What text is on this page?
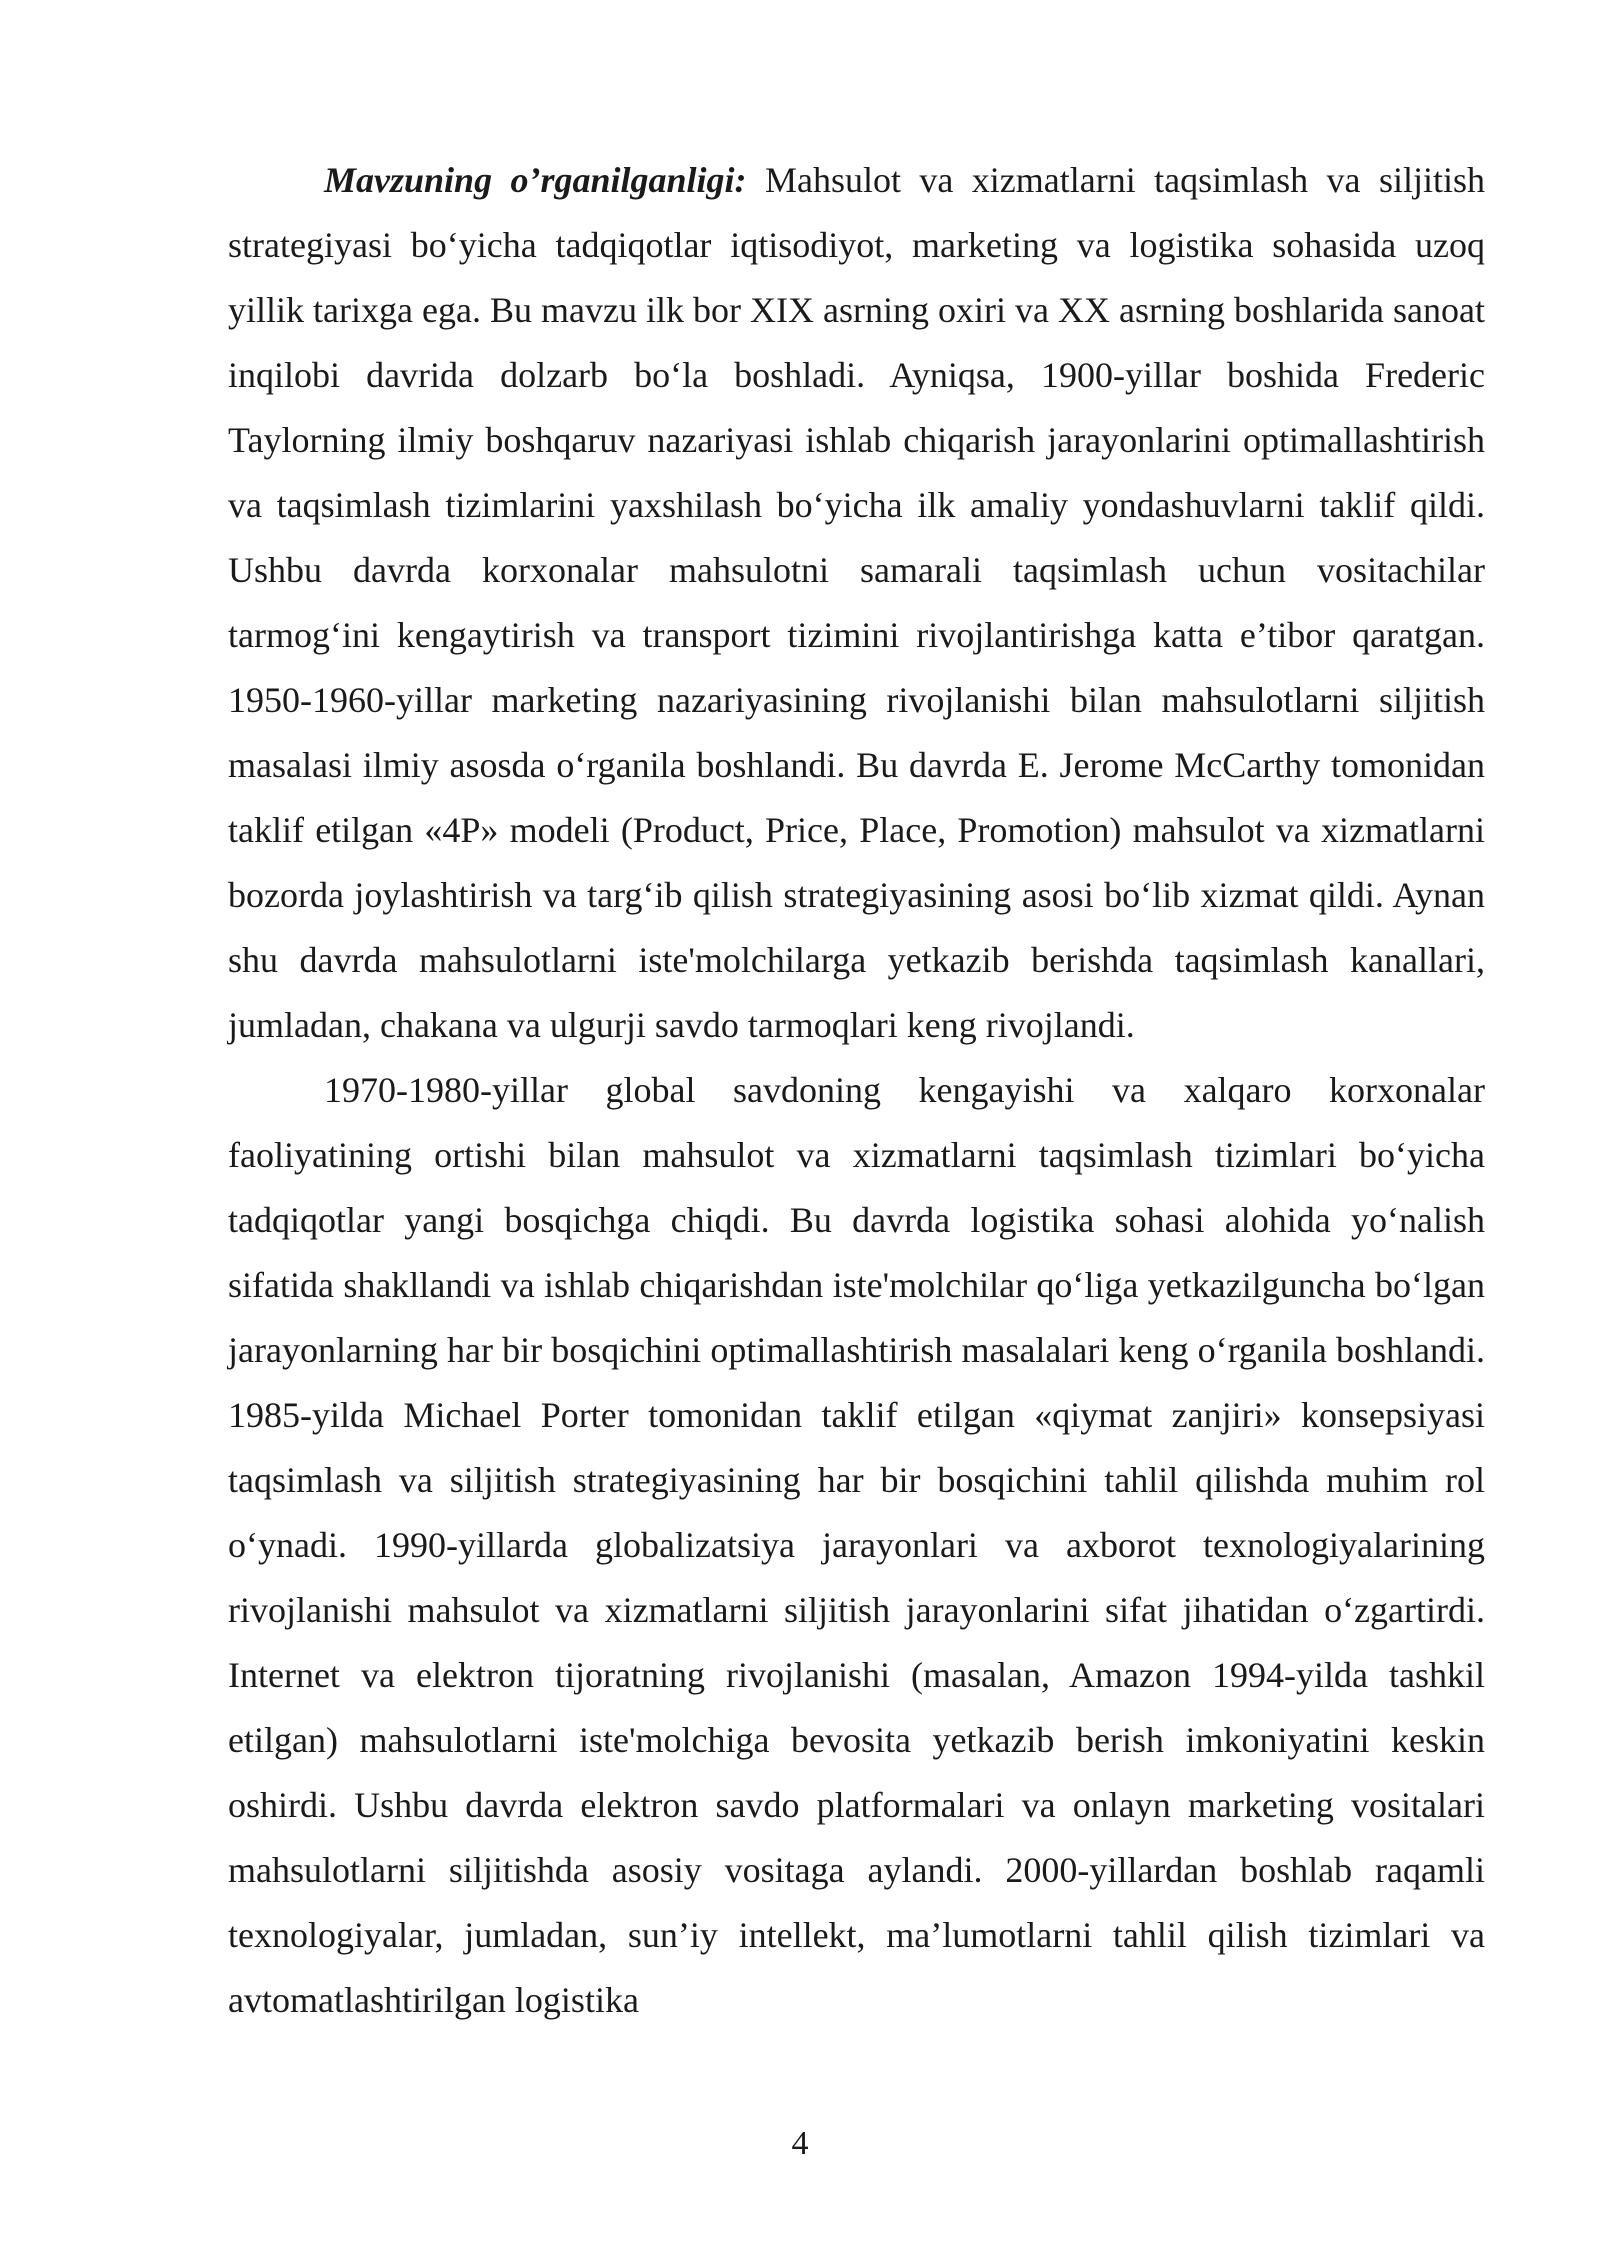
Mavzuning o’rganilganligi: Mahsulot va xizmatlarni taqsimlash va siljitish strategiyasi bo‘yicha tadqiqotlar iqtisodiyot, marketing va logistika sohasida uzoq yillik tarixga ega. Bu mavzu ilk bor XIX asrning oxiri va XX asrning boshlarida sanoat inqilobi davrida dolzarb bo‘la boshladi. Ayniqsa, 1900-yillar boshida Frederic Taylorning ilmiy boshqaruv nazariyasi ishlab chiqarish jarayonlarini optimallashtirish va taqsimlash tizimlarini yaxshilash bo‘yicha ilk amaliy yondashuvlarni taklif qildi. Ushbu davrda korxonalar mahsulotni samarali taqsimlash uchun vositachilar tarmog‘ini kengaytirish va transport tizimini rivojlantirishga katta e’tibor qaratgan. 1950-1960-yillar marketing nazariyasining rivojlanishi bilan mahsulotlarni siljitish masalasi ilmiy asosda o‘rganila boshlandi. Bu davrda E. Jerome McCarthy tomonidan taklif etilgan «4P» modeli (Product, Price, Place, Promotion) mahsulot va xizmatlarni bozorda joylashtirish va targ‘ib qilish strategiyasining asosi bo‘lib xizmat qildi. Aynan shu davrda mahsulotlarni iste'molchilarga yetkazib berishda taqsimlash kanallari, jumladan, chakana va ulgurji savdo tarmoqlari keng rivojlandi.

1970-1980-yillar global savdoning kengayishi va xalqaro korxonalar faoliyatining ortishi bilan mahsulot va xizmatlarni taqsimlash tizimlari bo‘yicha tadqiqotlar yangi bosqichga chiqdi. Bu davrda logistika sohasi alohida yo‘nalish sifatida shakllandi va ishlab chiqarishdan iste'molchilar qo‘liga yetkazilguncha bo‘lgan jarayonlarning har bir bosqichini optimallashtirish masalalari keng o‘rganila boshlandi. 1985-yilda Michael Porter tomonidan taklif etilgan «qiymat zanjiri» konsepsiyasi taqsimlash va siljitish strategiyasining har bir bosqichini tahlil qilishda muhim rol o‘ynadi. 1990-yillarda globalizatsiya jarayonlari va axborot texnologiyalarining rivojlanishi mahsulot va xizmatlarni siljitish jarayonlarini sifat jihatidan o‘zgartirdi. Internet va elektron tijoratning rivojlanishi (masalan, Amazon 1994-yilda tashkil etilgan) mahsulotlarni iste'molchiga bevosita yetkazib berish imkoniyatini keskin oshirdi. Ushbu davrda elektron savdo platformalari va onlayn marketing vositalari mahsulotlarni siljitishda asosiy vositaga aylandi. 2000-yillardan boshlab raqamli texnologiyalar, jumladan, sun’iy intellekt, ma’lumotlarni tahlil qilish tizimlari va avtomatlashtirilgan logistika

4
